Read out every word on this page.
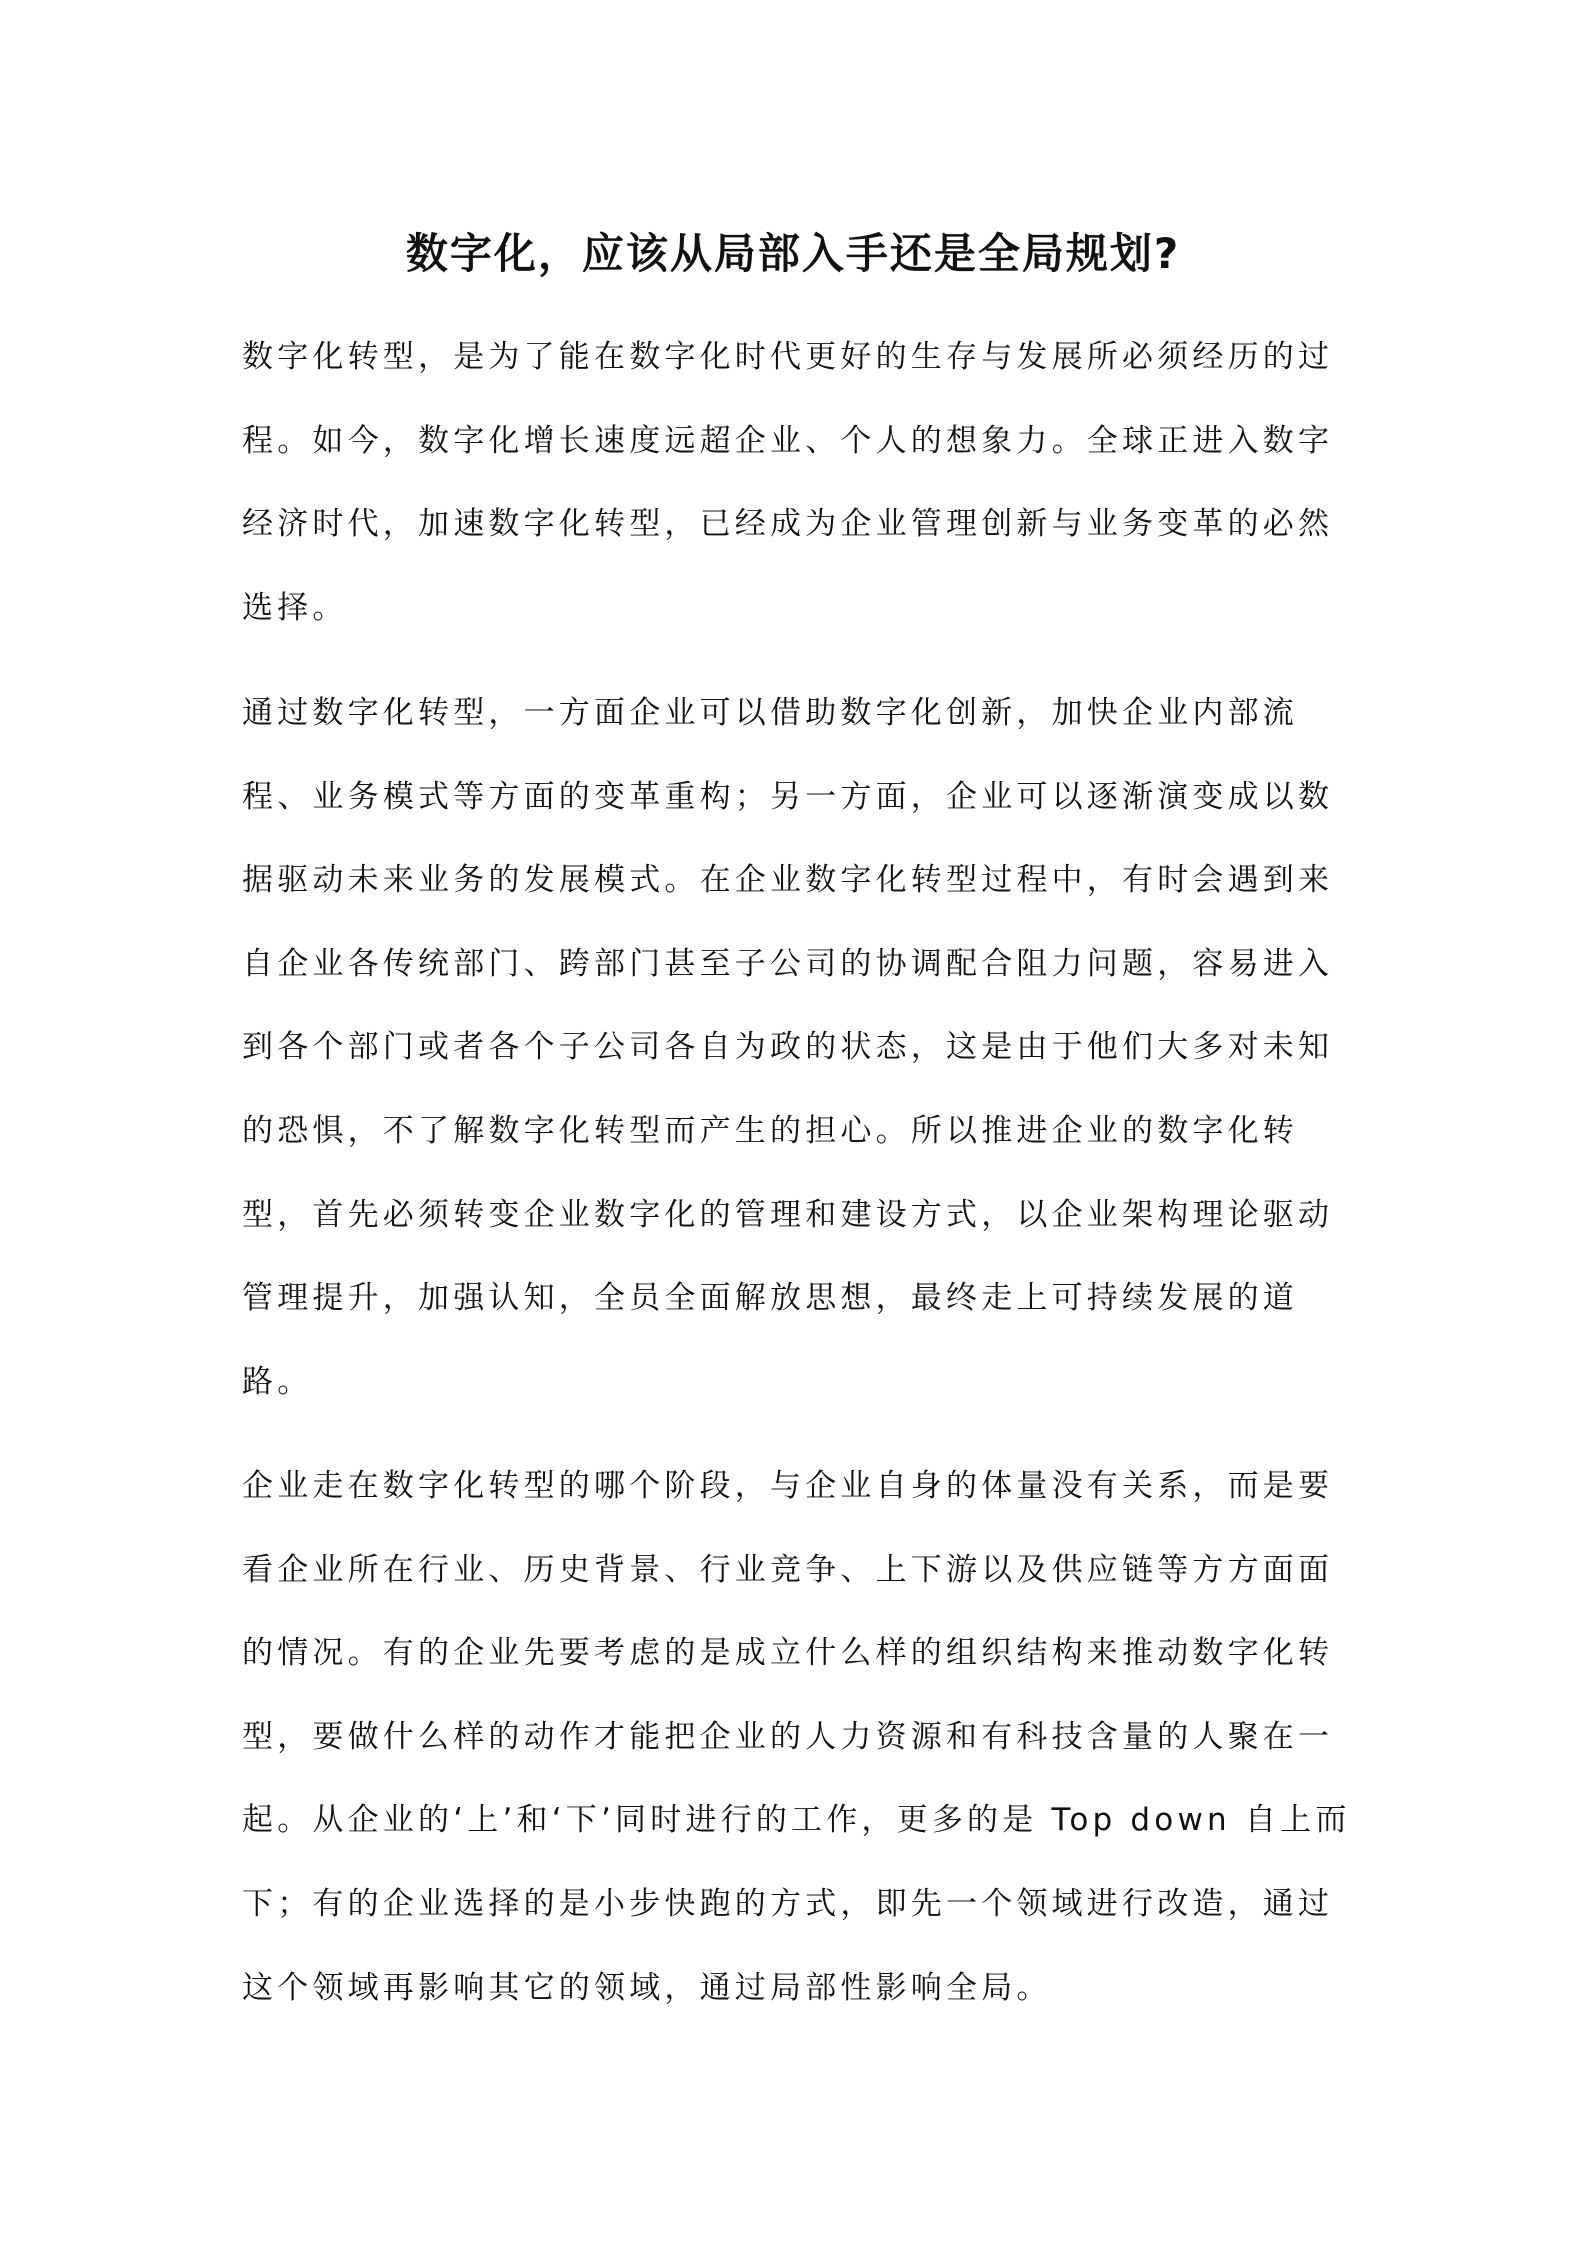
数字化，应该从局部入手还是全局规划?
数字化转型，是为了能在数字化时代更好的生存与发展所必须经历的过
程。如今，数字化增长速度远超企业、个人的想象力。全球正进入数字
经济时代，加速数字化转型，已经成为企业管理创新与业务变革的必然
选择。
通过数字化转型，一方面企业可以借助数字化创新，加快企业内部流
程、业务模式等方面的变革重构；另一方面，企业可以逐渐演变成以数
据驱动未来业务的发展模式。在企业数字化转型过程中，有时会遇到来
自企业各传统部门、跨部门甚至子公司的协调配合阻力问题，容易进入
到各个部门或者各个子公司各自为政的状态，这是由于他们大多对未知
的恐惧，不了解数字化转型而产生的担心。所以推进企业的数字化转
型，首先必须转变企业数字化的管理和建设方式，以企业架构理论驱动
管理提升，加强认知，全员全面解放思想，最终走上可持续发展的道
路。
企业走在数字化转型的哪个阶段，与企业自身的体量没有关系，而是要
看企业所在行业、历史背景、行业竞争、上下游以及供应链等方方面面
的情况。有的企业先要考虑的是成立什么样的组织结构来推动数字化转
型，要做什么样的动作才能把企业的人力资源和有科技含量的人聚在一
起。从企业的‘上’和‘下’同时进行的工作，更多的是 Top down 自上而
下；有的企业选择的是小步快跑的方式，即先一个领域进行改造，通过
这个领域再影响其它的领域，通过局部性影响全局。
